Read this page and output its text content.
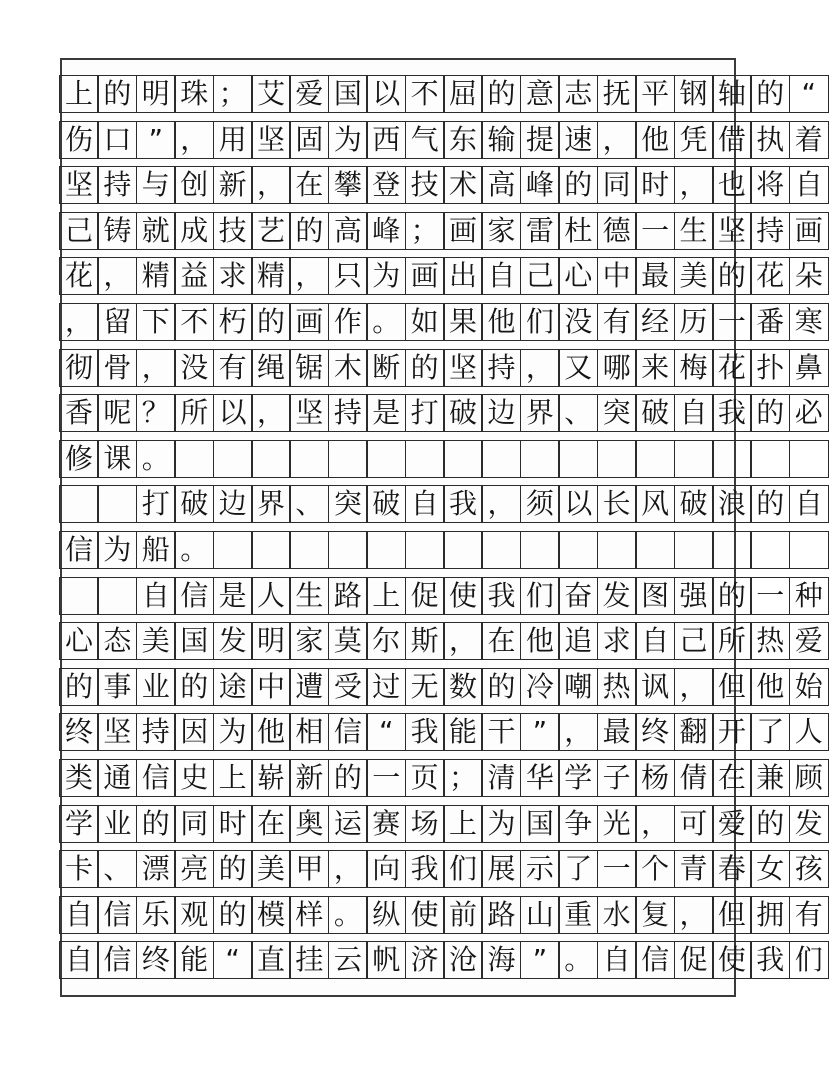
上 的 明 珠 ； 艾 爱 国 以 不 屈 的 意 志 抚 平 钢 轴 的 “
伤 口 ” ， 用 坚 固 为 西 气 东 输 提 速 ， 他 凭 借 执 着
坚 持 与 创 新 ， 在 攀 登 技 术 高 峰 的 同 时 ， 也 将 自
己 铸 就 成 技 艺 的 高 峰 ； 画 家 雷 杜 德 一 生 坚 持 画
花 ， 精 益 求 精 ， 只 为 画 出 自 己 心 中 最 美 的 花 朵
， 留 下 不 朽 的 画 作 。 如 果 他 们 没 有 经 历 一 番 寒
彻 骨 ， 没 有 绳 锯 木 断 的 坚 持 ， 又 哪 来 梅 花 扑 鼻
香 呢 ？ 所 以 ， 坚 持 是 打 破 边 界 、 突 破 自 我 的 必
修 课 。
打 破 边 界 、 突 破 自 我 ， 须 以 长 风 破 浪 的 自
信 为 船 。
自 信 是 人 生 路 上 促 使 我 们 奋 发 图 强 的 一 种
心 态 美 国 发 明 家 莫 尔 斯 ， 在 他 追 求 自 己 所 热 爱
的 事 业 的 途 中 遭 受 过 无 数 的 冷 嘲 热 讽 ， 但 他 始
终 坚 持 因 为 他 相 信 “ 我 能 干 ” ， 最 终 翻 开 了 人
类 通 信 史 上 崭 新 的 一 页 ； 清 华 学 子 杨 倩 在 兼 顾
学 业 的 同 时 在 奥 运 赛 场 上 为 国 争 光 ， 可 爱 的 发
卡 、 漂 亮 的 美 甲 ， 向 我 们 展 示 了 一 个 青 春 女 孩
自 信 乐 观 的 模 样 。 纵 使 前 路 山 重 水 复 ， 但 拥 有
自 信 终 能 “ 直 挂 云 帆 济 沧 海 ” 。 自 信 促 使 我 们
